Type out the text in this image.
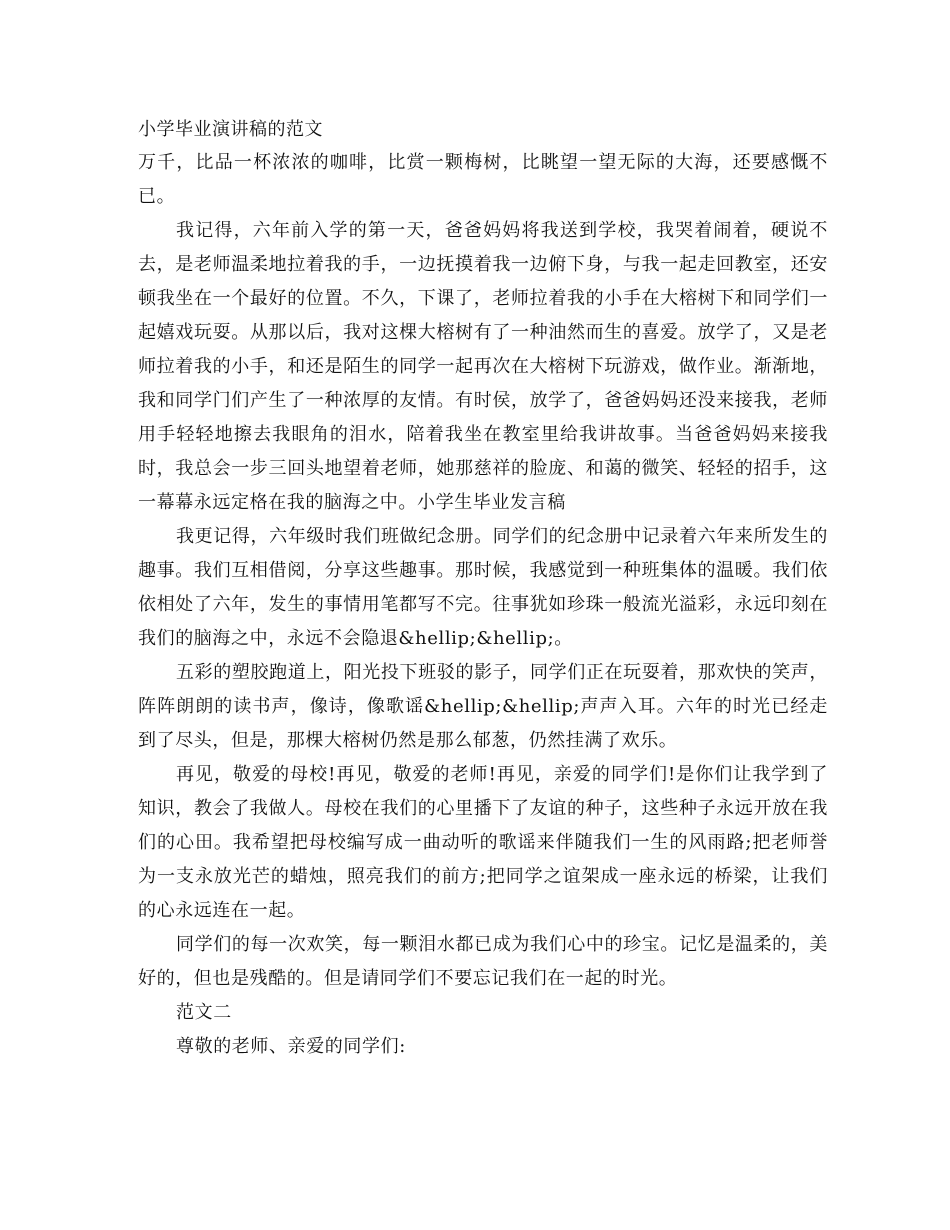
小学毕业演讲稿的范文

万千，比品一杯浓浓的咖啡，比赏一颗梅树，比眺望一望无际的大海，还要感慨不已。

我记得，六年前入学的第一天，爸爸妈妈将我送到学校，我哭着闹着，硬说不去，是老师温柔地拉着我的手，一边抚摸着我一边俯下身，与我一起走回教室，还安顿我坐在一个最好的位置。不久，下课了，老师拉着我的小手在大榕树下和同学们一起嬉戏玩耍。从那以后，我对这棵大榕树有了一种油然而生的喜爱。放学了，又是老师拉着我的小手，和还是陌生的同学一起再次在大榕树下玩游戏，做作业。渐渐地，我和同学门们产生了一种浓厚的友情。有时侯，放学了，爸爸妈妈还没来接我，老师用手轻轻地擦去我眼角的泪水，陪着我坐在教室里给我讲故事。当爸爸妈妈来接我时，我总会一步三回头地望着老师，她那慈祥的脸庞、和蔼的微笑、轻轻的招手，这一幕幕永远定格在我的脑海之中。小学生毕业发言稿

我更记得，六年级时我们班做纪念册。同学们的纪念册中记录着六年来所发生的趣事。我们互相借阅，分享这些趣事。那时候，我感觉到一种班集体的温暖。我们依依相处了六年，发生的事情用笔都写不完。往事犹如珍珠一般流光溢彩，永远印刻在我们的脑海之中，永远不会隐退&hellip;&hellip;。

五彩的塑胶跑道上，阳光投下班驳的影子，同学们正在玩耍着，那欢快的笑声，阵阵朗朗的读书声，像诗，像歌谣&hellip;&hellip;声声入耳。六年的时光已经走到了尽头，但是，那棵大榕树仍然是那么郁葱，仍然挂满了欢乐。

再见，敬爱的母校!再见，敬爱的老师!再见，亲爱的同学们!是你们让我学到了知识，教会了我做人。母校在我们的心里播下了友谊的种子，这些种子永远开放在我们的心田。我希望把母校编写成一曲动听的歌谣来伴随我们一生的风雨路;把老师誉为一支永放光芒的蜡烛，照亮我们的前方;把同学之谊架成一座永远的桥梁，让我们的心永远连在一起。

同学们的每一次欢笑，每一颗泪水都已成为我们心中的珍宝。记忆是温柔的，美好的，但也是残酷的。但是请同学们不要忘记我们在一起的时光。

范文二

尊敬的老师、亲爱的同学们:
